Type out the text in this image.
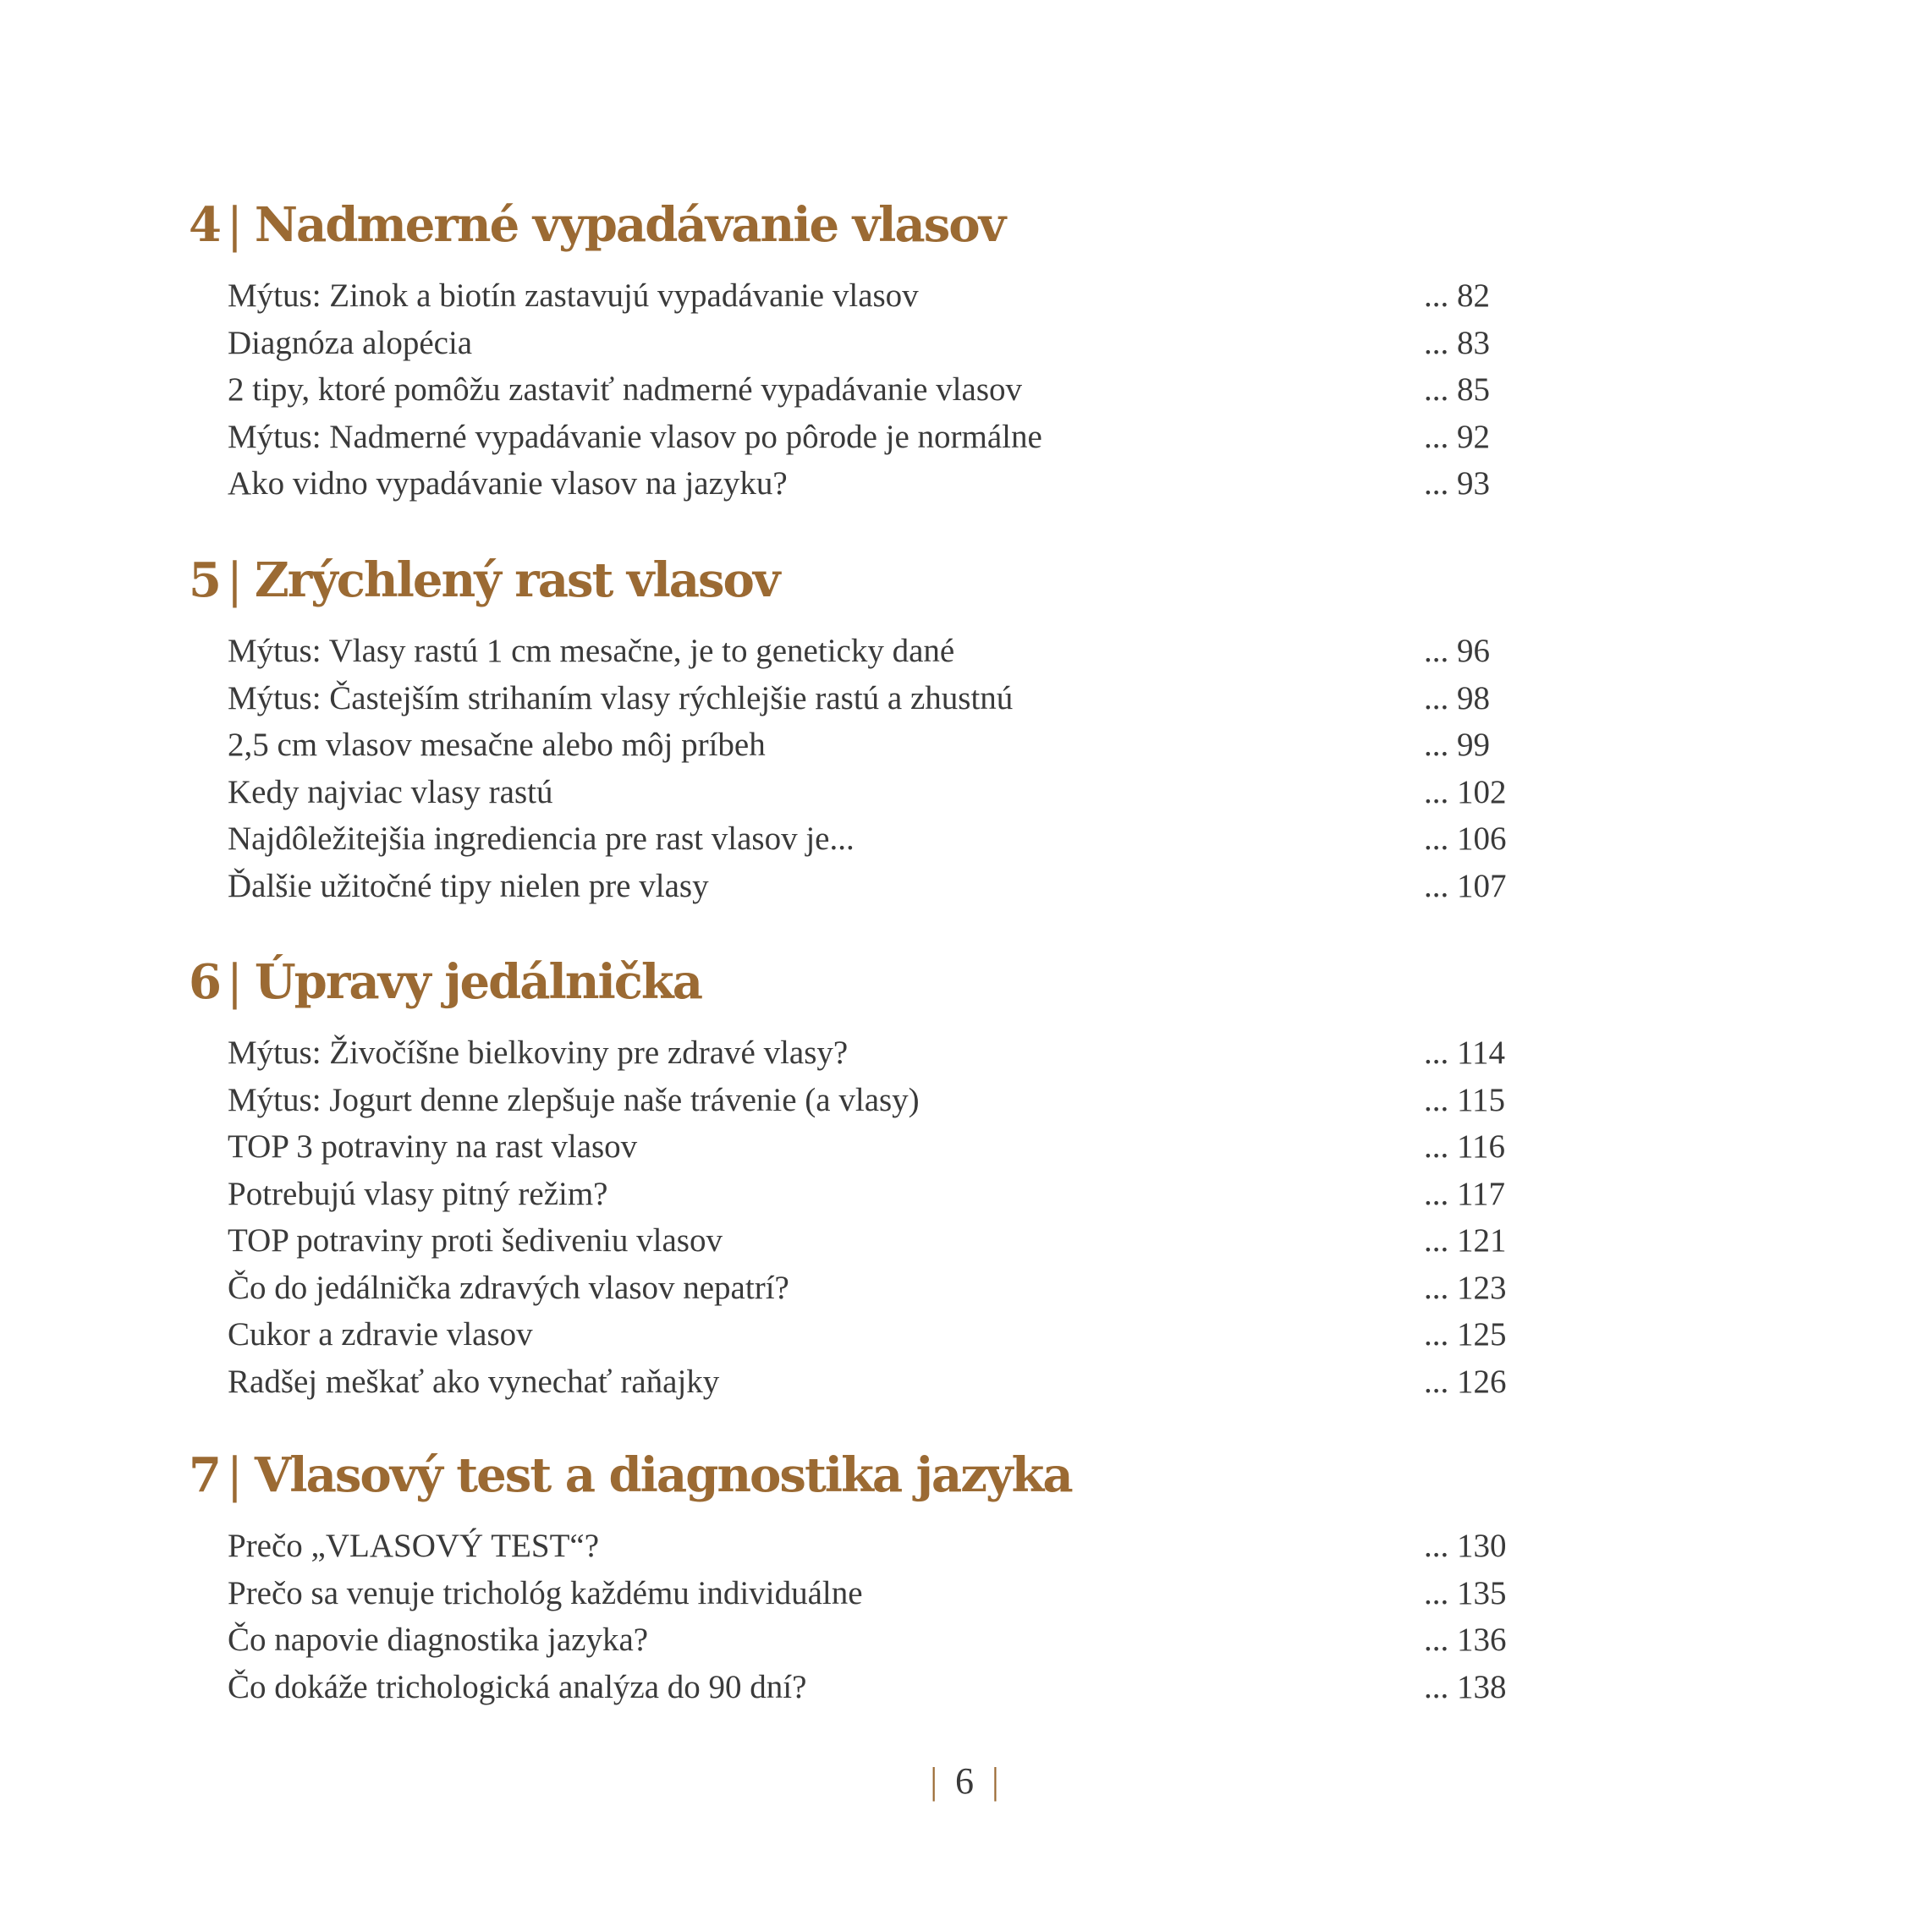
4 | Nadmerné vypadávanie vlasov
Mýtus: Zinok a biotín zastavujú vypadávanie vlasov	... 82
Diagnóza alopécia	... 83
2 tipy, ktoré pomôžu zastaviť nadmerné vypadávanie vlasov	... 85
Mýtus: Nadmerné vypadávanie vlasov po pôrode je normálne	... 92
Ako vidno vypadávanie vlasov na jazyku?	... 93
5 | Zrýchlený rast vlasov
Mýtus: Vlasy rastú 1 cm mesačne, je to geneticky dané	... 96
Mýtus: Častejším strihaním vlasy rýchlejšie rastú a zhustnú	... 98
2,5 cm vlasov mesačne alebo môj príbeh	... 99
Kedy najviac vlasy rastú	... 102
Najdôležitejšia ingrediencia pre rast vlasov je...	... 106
Ďalšie užitočné tipy nielen pre vlasy	... 107
6 | Úpravy jedálnička
Mýtus: Živočíšne bielkoviny pre zdravé vlasy?	... 114
Mýtus: Jogurt denne zlepšuje naše trávenie (a vlasy)	... 115
TOP 3 potraviny na rast vlasov	... 116
Potrebujú vlasy pitný režim?	... 117
TOP potraviny proti šediveniu vlasov	... 121
Čo do jedálnička zdravých vlasov nepatrí?	... 123
Cukor a zdravie vlasov	... 125
Radšej meškať ako vynechať raňajky	... 126
7 | Vlasový test a diagnostika jazyka
Prečo „VLASOVÝ TEST“?	... 130
Prečo sa venuje trichológ každému individuálne	... 135
Čo napovie diagnostika jazyka?	... 136
Čo dokáže trichologická analýza do 90 dní?	... 138
| 6 |
